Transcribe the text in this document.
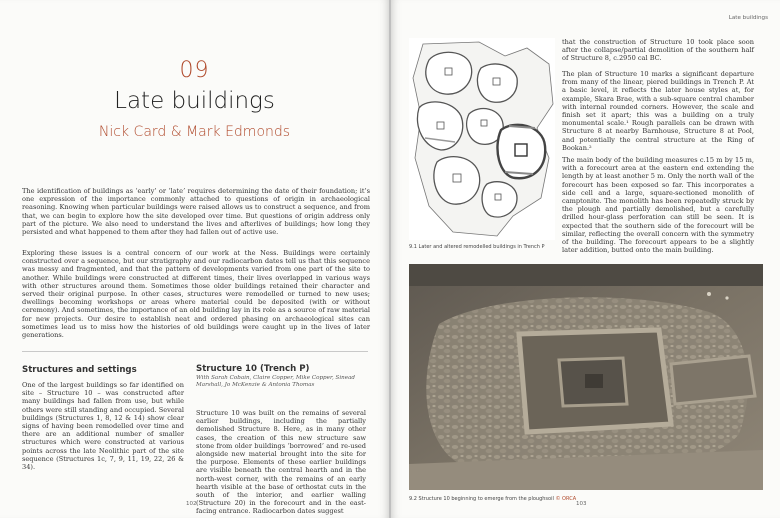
09
Late buildings
Nick Card & Mark Edmonds

The identification of buildings as ‘early’ or ‘late’ requires determining the date of their foundation; it’s one expression of the importance commonly attached to questions of origin in archaeological reasoning. Knowing when particular buildings were raised allows us to construct a sequence, and from that, we can begin to explore how the site developed over time. But questions of origin address only part of the picture. We also need to understand the lives and afterlives of buildings; how long they persisted and what happened to them after they had fallen out of active use.

Exploring these issues is a central concern of our work at the Ness. Buildings were certainly constructed over a sequence, but our stratigraphy and our radiocarbon dates tell us that this sequence was messy and fragmented, and that the pattern of developments varied from one part of the site to another. While buildings were constructed at different times, their lives overlapped in various ways with other structures around them. Sometimes those older buildings retained their character and served their original purpose. In other cases, structures were remodelled or turned to new uses; dwellings becoming workshops or areas where material could be deposited (with or without ceremony). And sometimes, the importance of an old building lay in its role as a source of raw material for new projects. Our desire to establish neat and ordered phasing on archaeological sites can sometimes lead us to miss how the histories of old buildings were caught up in the lives of later generations.

Structures and settings

One of the largest buildings so far identified on site – Structure 10 – was constructed after many buildings had fallen from use, but while others were still standing and occupied. Several buildings (Structures 1, 8, 12 & 14) show clear signs of having been remodelled over time and there are an additional number of smaller structures which were constructed at various points across the late Neolithic part of the site sequence (Structures 1c, 7, 9, 11, 19, 22, 26 & 34).

Structure 10 (Trench P)

With Sarah Cobain, Claire Copper, Mike Copper, Sinead Marshall, Jo McKenzie & Antonia Thomas

Structure 10 was built on the remains of several earlier buildings, including the partially demolished Structure 8. Here, as in many other cases, the creation of this new structure saw stone from older buildings ‘borrowed’ and re-used alongside new material brought into the site for the purpose. Elements of these earlier buildings are visible beneath the central hearth and in the north-west corner, with the remains of an early hearth visible at the base of orthostat cuts in the south of the interior, and earlier walling (Structure 20) in the forecourt and in the east-facing entrance. Radiocarbon dates suggest

102
Late buildings

9.1 Later and altered remodelled buildings in Trench P

that the construction of Structure 10 took place soon after the collapse/partial demolition of the southern half of Structure 8, c.2950 cal BC.

The plan of Structure 10 marks a significant departure from many of the linear, piered buildings in Trench P. At a basic level, it reflects the later house styles at, for example, Skara Brae, with a sub-square central chamber with internal rounded corners. However, the scale and finish set it apart; this was a building on a truly monumental scale.¹ Rough parallels can be drawn with Structure 8 at nearby Barnhouse, Structure 8 at Pool, and potentially the central structure at the Ring of Bookan.²

The main body of the building measures c.15 m by 15 m, with a forecourt area at the eastern end extending the length by at least another 5 m. Only the north wall of the forecourt has been exposed so far. This incorporates a side cell and a large, square-sectioned monolith of camptonite. The monolith has been repeatedly struck by the plough and partially demolished, but a carefully drilled hour-glass perforation can still be seen. It is expected that the southern side of the forecourt will be similar, reflecting the overall concern with the symmetry of the building. The forecourt appears to be a slightly later addition, butted onto the main building.

9.2 Structure 10 beginning to emerge from the ploughsoil © ORCA

103
